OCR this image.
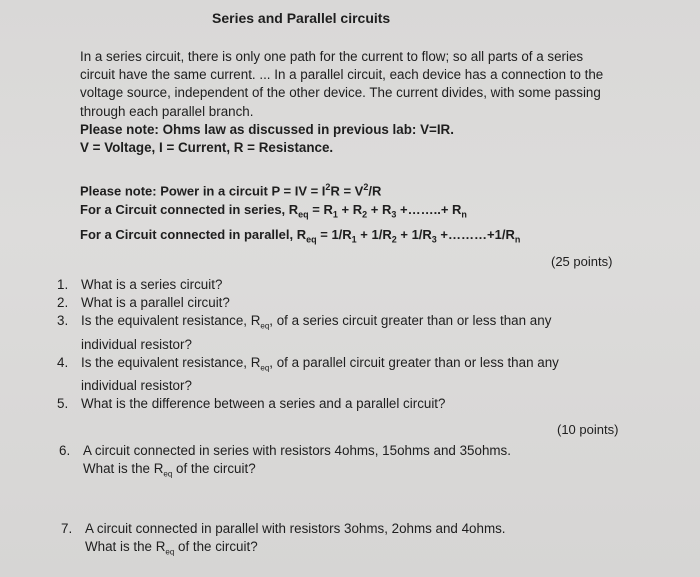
Series and Parallel circuits
In a series circuit, there is only one path for the current to flow; so all parts of a series
circuit have the same current. ... In a parallel circuit, each device has a connection to the
voltage source, independent of the other device. The current divides, with some passing
through each parallel branch.
Please note: Ohms law as discussed in previous lab: V=IR.
V = Voltage, I = Current, R = Resistance.
Please note: Power in a circuit P = IV = $I^2R = V^2/R$
For a Circuit connected in series, $R_{eq} = R_1 + R_2 + R_3$ +……..+ $R_n$
For a Circuit connected in parallel, $R_{eq} = 1/R_1 + 1/R_2 + 1/R_3$ $+\dots\dots\dots+1/R_n$
(25 points)
1. What is a series circuit?
2. What is a parallel circuit?
3. Is the equivalent resistance, $R_{eq}$, of a series circuit greater than or less than any
individual resistor?
4. Is the equivalent resistance, $R_{eq}$, of a parallel circuit greater than or less than any
individual resistor?
5. What is the difference between a series and a parallel circuit?
(10 points)
6. A circuit connected in series with resistors 4ohms, 15ohms and 35ohms.
What is the $R_{eq}$ of the circuit?
7. A circuit connected in parallel with resistors 3ohms, 2ohms and 4ohms.
What is the $R_{eq}$ of the circuit?
